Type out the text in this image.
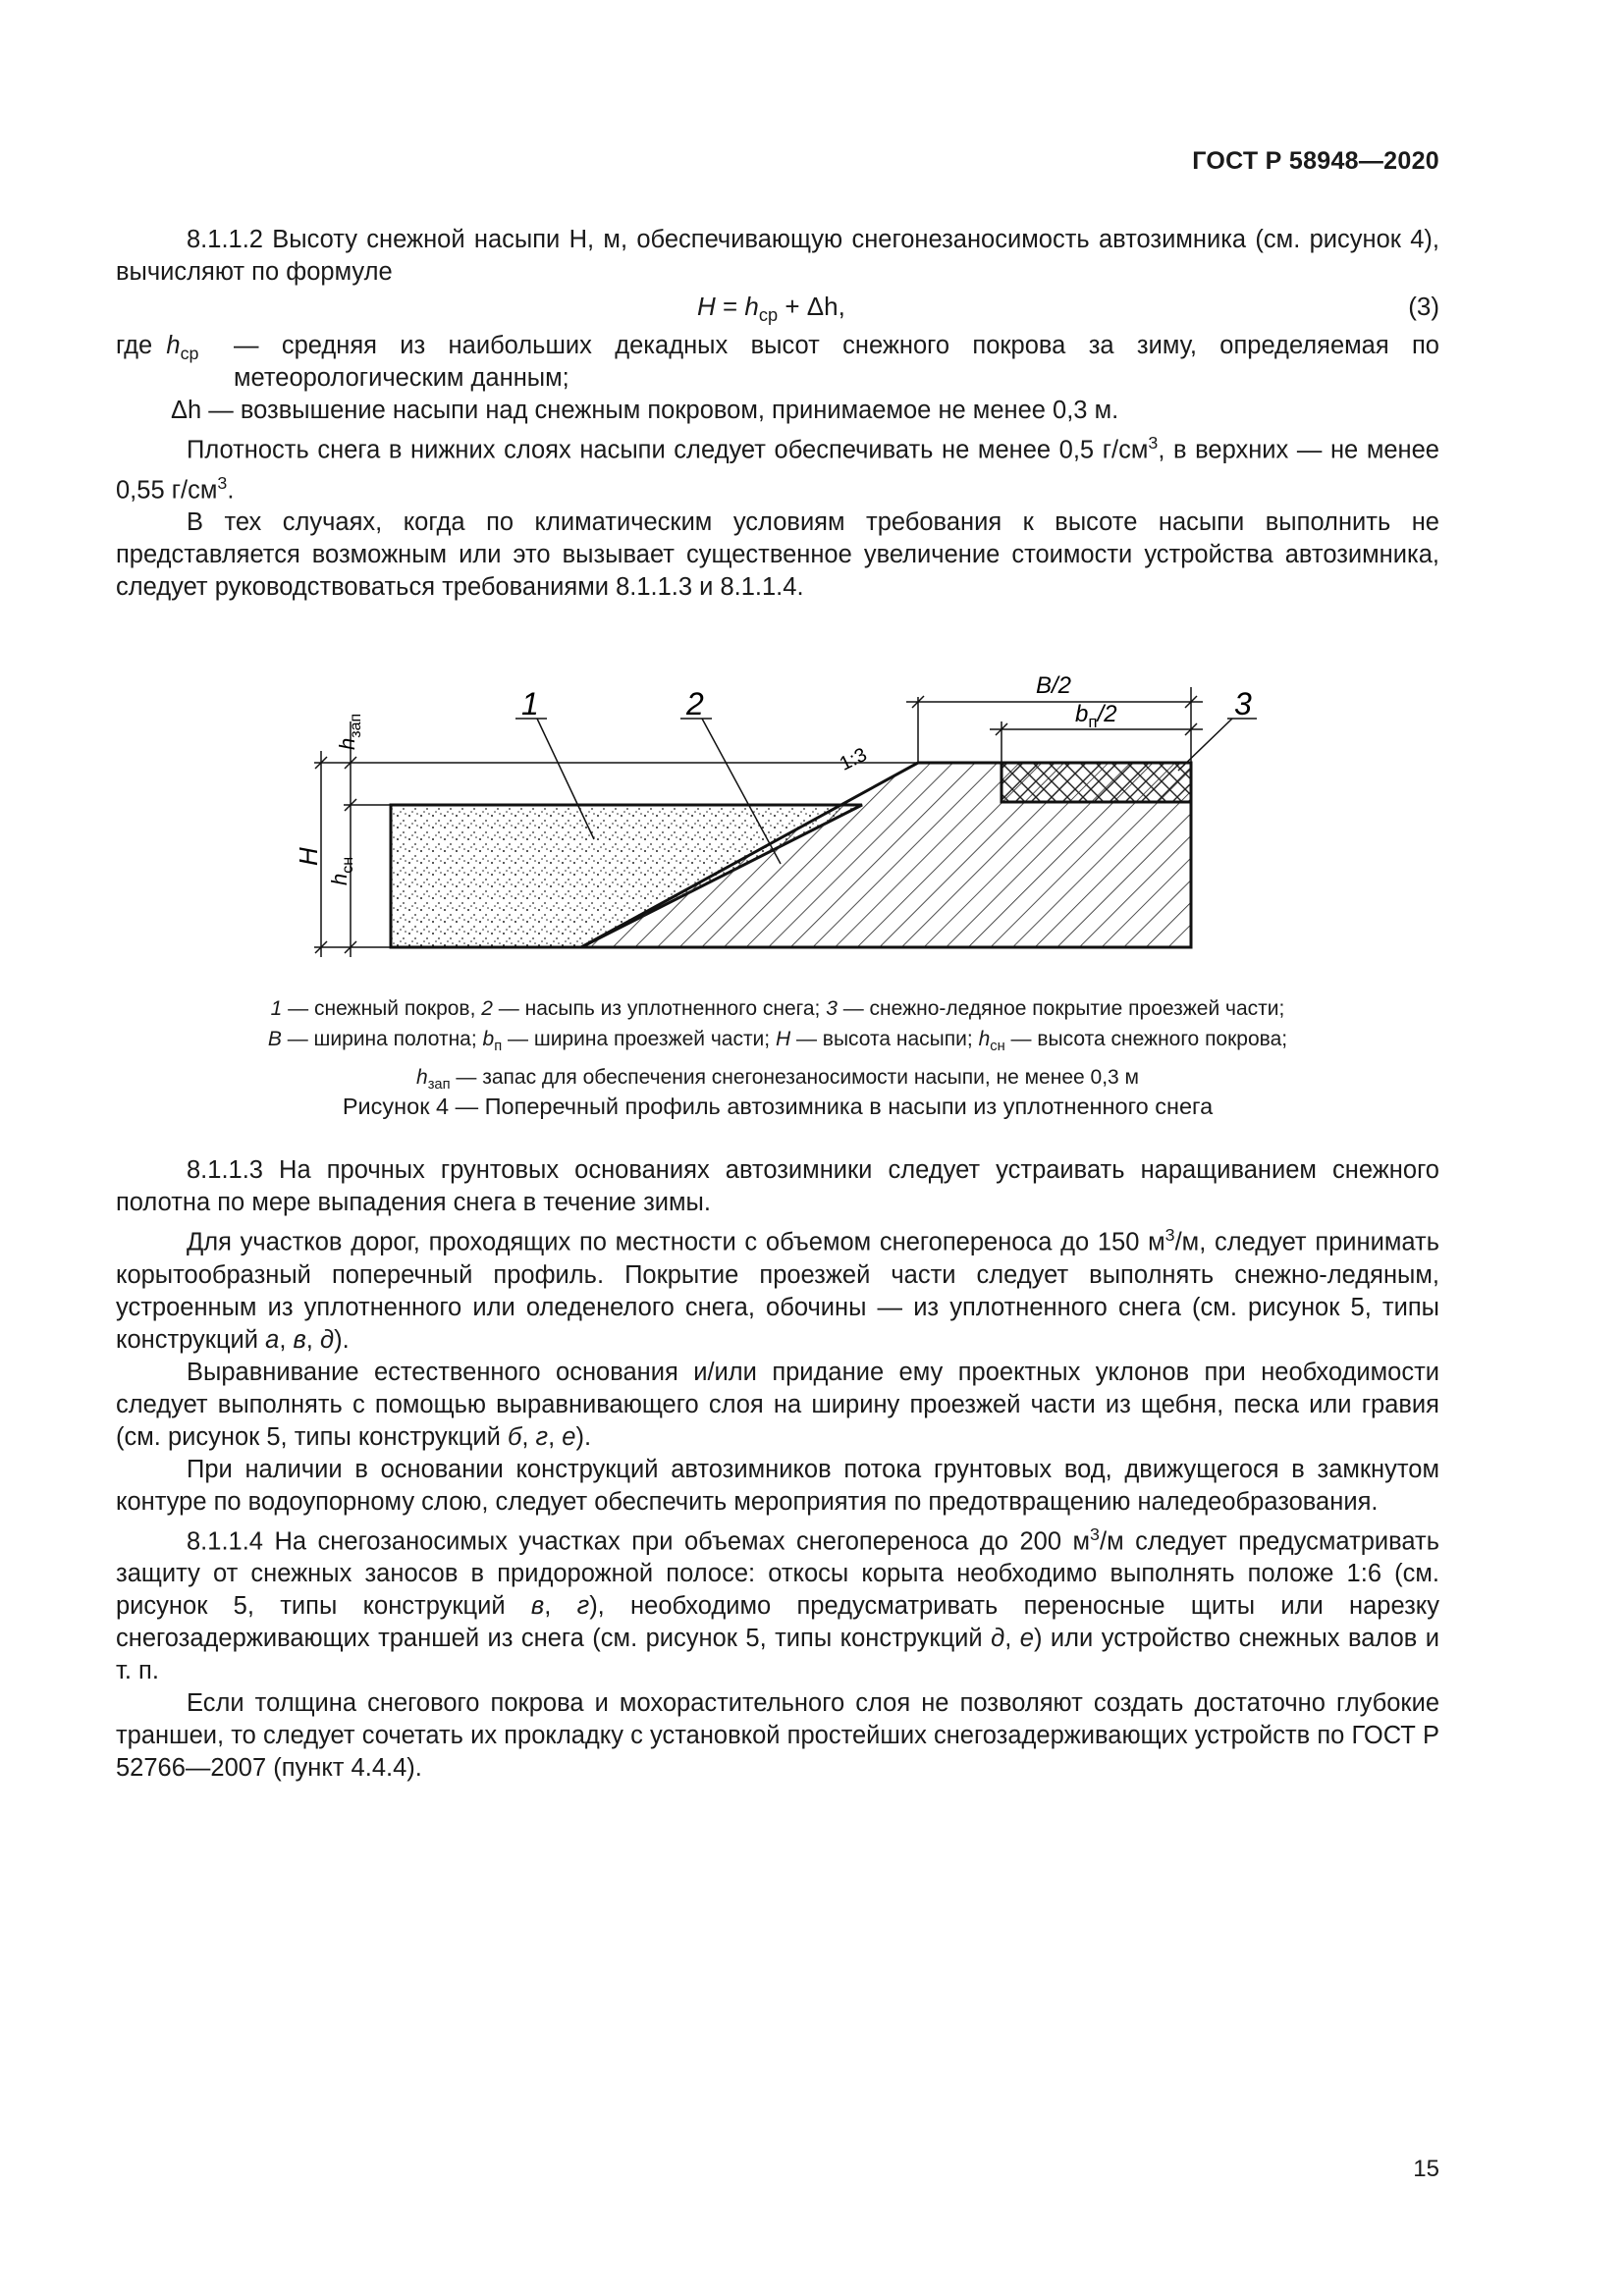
ГОСТ Р 58948—2020

8.1.1.2 Высоту снежной насыпи H, м, обеспечивающую снегонезаносимость автозимника (см. рисунок 4), вычисляют по формуле

$H = h_{ср} + \Delta h$,	(3)
где $h_{ср}$	— средняя из наибольших декадных высот снежного покрова за зиму, определяемая по метеорологическим данным;
Δh — возвышение насыпи над снежным покровом, принимаемое не менее 0,3 м.

Плотность снега в нижних слоях насыпи следует обеспечивать не менее 0,5 $г/см^3$, в верхних — не менее 0,55 $г/см^3$.

В тех случаях, когда по климатическим условиям требования к высоте насыпи выполнить не представляется возможным или это вызывает существенное увеличение стоимости устройства автозимника, следует руководствоваться требованиями 8.1.1.3 и 8.1.1.4.

1	2	3
B/2
$b_п/2$
1:3
H
$h_{зап}$
$h_{сн}$
1 — снежный покров, 2 — насыпь из уплотненного снега; 3 — снежно-ледяное покрытие проезжей части;
B — ширина полотна; $b_п$ — ширина проезжей части; H — высота насыпи; $h_{сн}$ — высота снежного покрова;
$h_{зап}$ — запас для обеспечения снегонезаносимости насыпи, не менее 0,3 м
Рисунок 4 — Поперечный профиль автозимника в насыпи из уплотненного снега

8.1.1.3 На прочных грунтовых основаниях автозимники следует устраивать наращиванием снежного полотна по мере выпадения снега в течение зимы.

Для участков дорог, проходящих по местности с объемом снегопереноса до 150 $м^3/м$, следует принимать корытообразный поперечный профиль. Покрытие проезжей части следует выполнять снежно-ледяным, устроенным из уплотненного или оледенелого снега, обочины — из уплотненного снега (см. рисунок 5, типы конструкций а, в, д).

Выравнивание естественного основания и/или придание ему проектных уклонов при необходимости следует выполнять с помощью выравнивающего слоя на ширину проезжей части из щебня, песка или гравия (см. рисунок 5, типы конструкций б, г, е).

При наличии в основании конструкций автозимников потока грунтовых вод, движущегося в замкнутом контуре по водоупорному слою, следует обеспечить мероприятия по предотвращению наледеобразования.

8.1.1.4 На снегозаносимых участках при объемах снегопереноса до 200 $м^3/м$ следует предусматривать защиту от снежных заносов в придорожной полосе: откосы корыта необходимо выполнять положе 1:6 (см. рисунок 5, типы конструкций в, г), необходимо предусматривать переносные щиты или нарезку снегозадерживающих траншей из снега (см. рисунок 5, типы конструкций д, е) или устройство снежных валов и т. п.

Если толщина снегового покрова и мохорастительного слоя не позволяют создать достаточно глубокие траншеи, то следует сочетать их прокладку с установкой простейших снегозадерживающих устройств по ГОСТ Р 52766—2007 (пункт 4.4.4).

15
